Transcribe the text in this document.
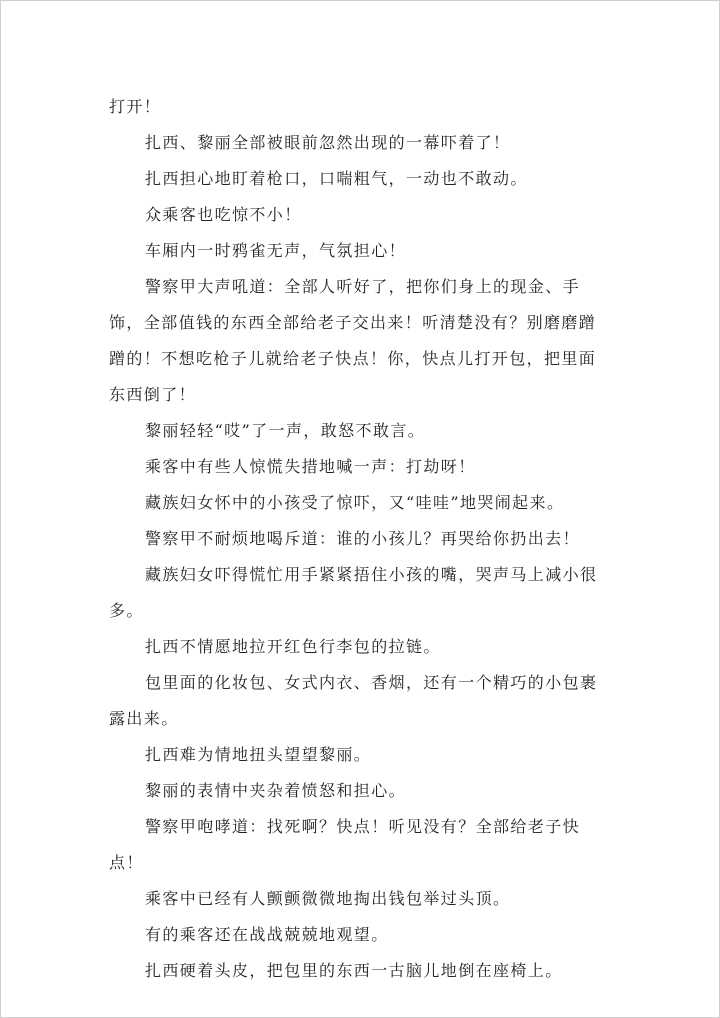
打开！

扎西、黎丽全部被眼前忽然出现的一幕吓着了！

扎西担心地盯着枪口，口喘粗气，一动也不敢动。

众乘客也吃惊不小！

车厢内一时鸦雀无声，气氛担心！

警察甲大声吼道：全部人听好了，把你们身上的现金、手饰，全部值钱的东西全部给老子交出来！听清楚没有？别磨磨蹭蹭的！不想吃枪子儿就给老子快点！你，快点儿打开包，把里面东西倒了！

黎丽轻轻“哎”了一声，敢怒不敢言。

乘客中有些人惊慌失措地喊一声：打劫呀！

藏族妇女怀中的小孩受了惊吓，又“哇哇”地哭闹起来。

警察甲不耐烦地喝斥道：谁的小孩儿？再哭给你扔出去！

藏族妇女吓得慌忙用手紧紧捂住小孩的嘴，哭声马上减小很多。

扎西不情愿地拉开红色行李包的拉链。

包里面的化妆包、女式内衣、香烟，还有一个精巧的小包裹露出来。

扎西难为情地扭头望望黎丽。

黎丽的表情中夹杂着愤怒和担心。

警察甲咆哮道：找死啊？快点！听见没有？全部给老子快点！

乘客中已经有人颤颤微微地掏出钱包举过头顶。

有的乘客还在战战兢兢地观望。

扎西硬着头皮，把包里的东西一古脑儿地倒在座椅上。
